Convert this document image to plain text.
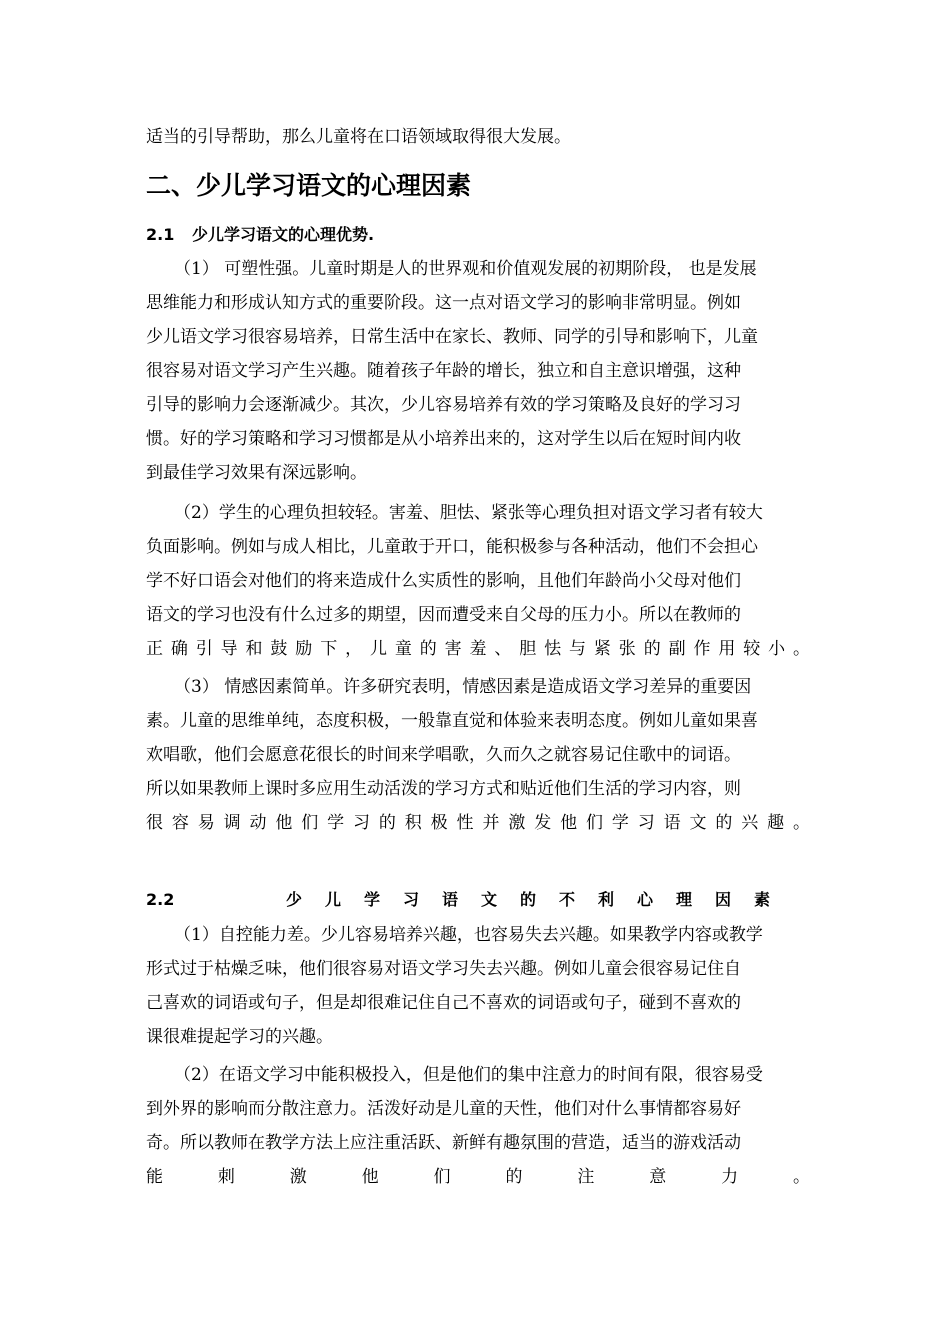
适当的引导帮助，那么儿童将在口语领域取得很大发展。
二、少儿学习语文的心理因素
2.1 少儿学习语文的心理优势.
（1） 可塑性强。儿童时期是人的世界观和价值观发展的初期阶段， 也是发展
思维能力和形成认知方式的重要阶段。这一点对语文学习的影响非常明显。例如
少儿语文学习很容易培养，日常生活中在家长、教师、同学的引导和影响下，儿童
很容易对语文学习产生兴趣。随着孩子年龄的增长，独立和自主意识增强，这种
引导的影响力会逐渐减少。其次，少儿容易培养有效的学习策略及良好的学习习
惯。好的学习策略和学习习惯都是从小培养出来的，这对学生以后在短时间内收
到最佳学习效果有深远影响。
（2）学生的心理负担较轻。害羞、胆怯、紧张等心理负担对语文学习者有较大
负面影响。例如与成人相比，儿童敢于开口，能积极参与各种活动，他们不会担心
学不好口语会对他们的将来造成什么实质性的影响，且他们年龄尚小父母对他们
语文的学习也没有什么过多的期望，因而遭受来自父母的压力小。所以在教师的
正确引导和鼓励下，儿童的害羞、胆怯与紧张的副作用较小。
（3） 情感因素简单。许多研究表明，情感因素是造成语文学习差异的重要因
素。儿童的思维单纯，态度积极，一般靠直觉和体验来表明态度。例如儿童如果喜
欢唱歌，他们会愿意花很长的时间来学唱歌，久而久之就容易记住歌中的词语。
所以如果教师上课时多应用生动活泼的学习方式和贴近他们生活的学习内容，则
很容易调动他们学习的积极性并激发他们学习语文的兴趣。
2.2	少儿学习语文的不利心理因素
（1）自控能力差。少儿容易培养兴趣，也容易失去兴趣。如果教学内容或教学
形式过于枯燥乏味，他们很容易对语文学习失去兴趣。例如儿童会很容易记住自
己喜欢的词语或句子，但是却很难记住自己不喜欢的词语或句子，碰到不喜欢的
课很难提起学习的兴趣。
（2）在语文学习中能积极投入，但是他们的集中注意力的时间有限，很容易受
到外界的影响而分散注意力。活泼好动是儿童的天性，他们对什么事情都容易好
奇。所以教师在教学方法上应注重活跃、新鲜有趣氛围的营造，适当的游戏活动
能刺激他们的注意力。
